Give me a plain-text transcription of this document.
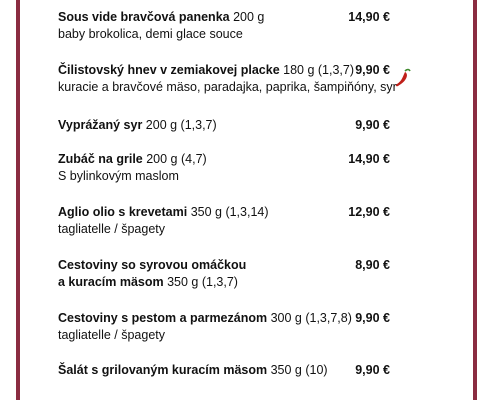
Sous vide bravčová panenka 200 g
baby brokolica, demi glace souce
14,90 €
Čilistovský hnev v zemiakovej placke 180 g (1,3,7)
kuracie a bravčové mäso, paradajka, paprika, šampiňóny, syr
9,90 €
Vyprážaný syr 200 g (1,3,7)	9,90 €
Zubáč na grile 200 g (4,7)
S bylinkovým maslom
14,90 €
Aglio olio s krevetami 350 g (1,3,14)
tagliatelle / špagety
12,90 €
Cestoviny so syrovou omáčkou
a kuracím mäsom 350 g (1,3,7)
8,90 €
Cestoviny s pestom a parmezánom 300 g (1,3,7,8)
tagliatelle / špagety
9,90 €
Šalát s grilovaným kuracím mäsom 350 g (10)	9,90 €
